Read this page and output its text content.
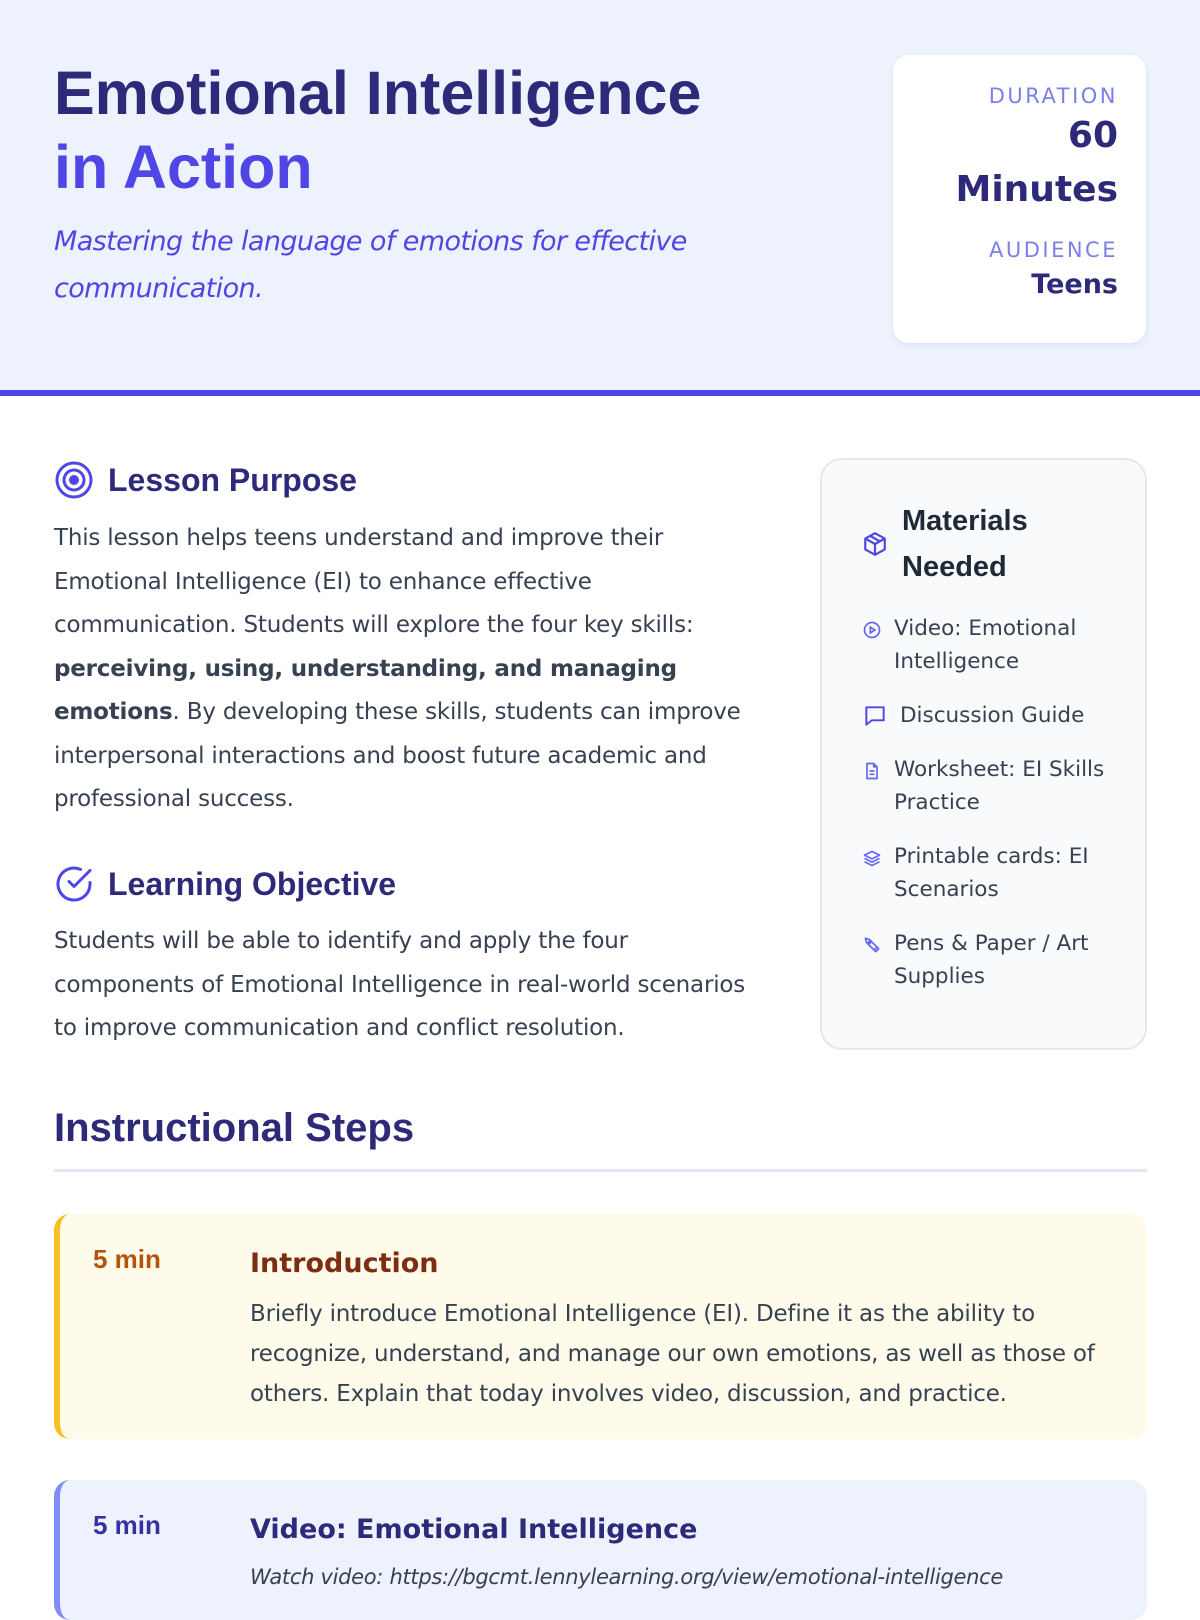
Emotional Intelligence
in Action

Mastering the language of emotions for effective communication.

DURATION
60
Minutes
AUDIENCE
Teens
Lesson Purpose

This lesson helps teens understand and improve their Emotional Intelligence (EI) to enhance effective communication. Students will explore the four key skills: perceiving, using, understanding, and managing emotions. By developing these skills, students can improve interpersonal interactions and boost future academic and professional success.

Learning Objective

Students will be able to identify and apply the four components of Emotional Intelligence in real-world scenarios to improve communication and conflict resolution.

Materials Needed
Video: Emotional Intelligence
Discussion Guide
Worksheet: EI Skills Practice
Printable cards: EI Scenarios
Pens & Paper / Art Supplies
Instructional Steps
5 min	Introduction

Briefly introduce Emotional Intelligence (EI). Define it as the ability to recognize, understand, and manage our own emotions, as well as those of others. Explain that today involves video, discussion, and practice.

5 min	Video: Emotional Intelligence

Watch video: https://bgcmt.lennylearning.org/view/emotional-intelligence
